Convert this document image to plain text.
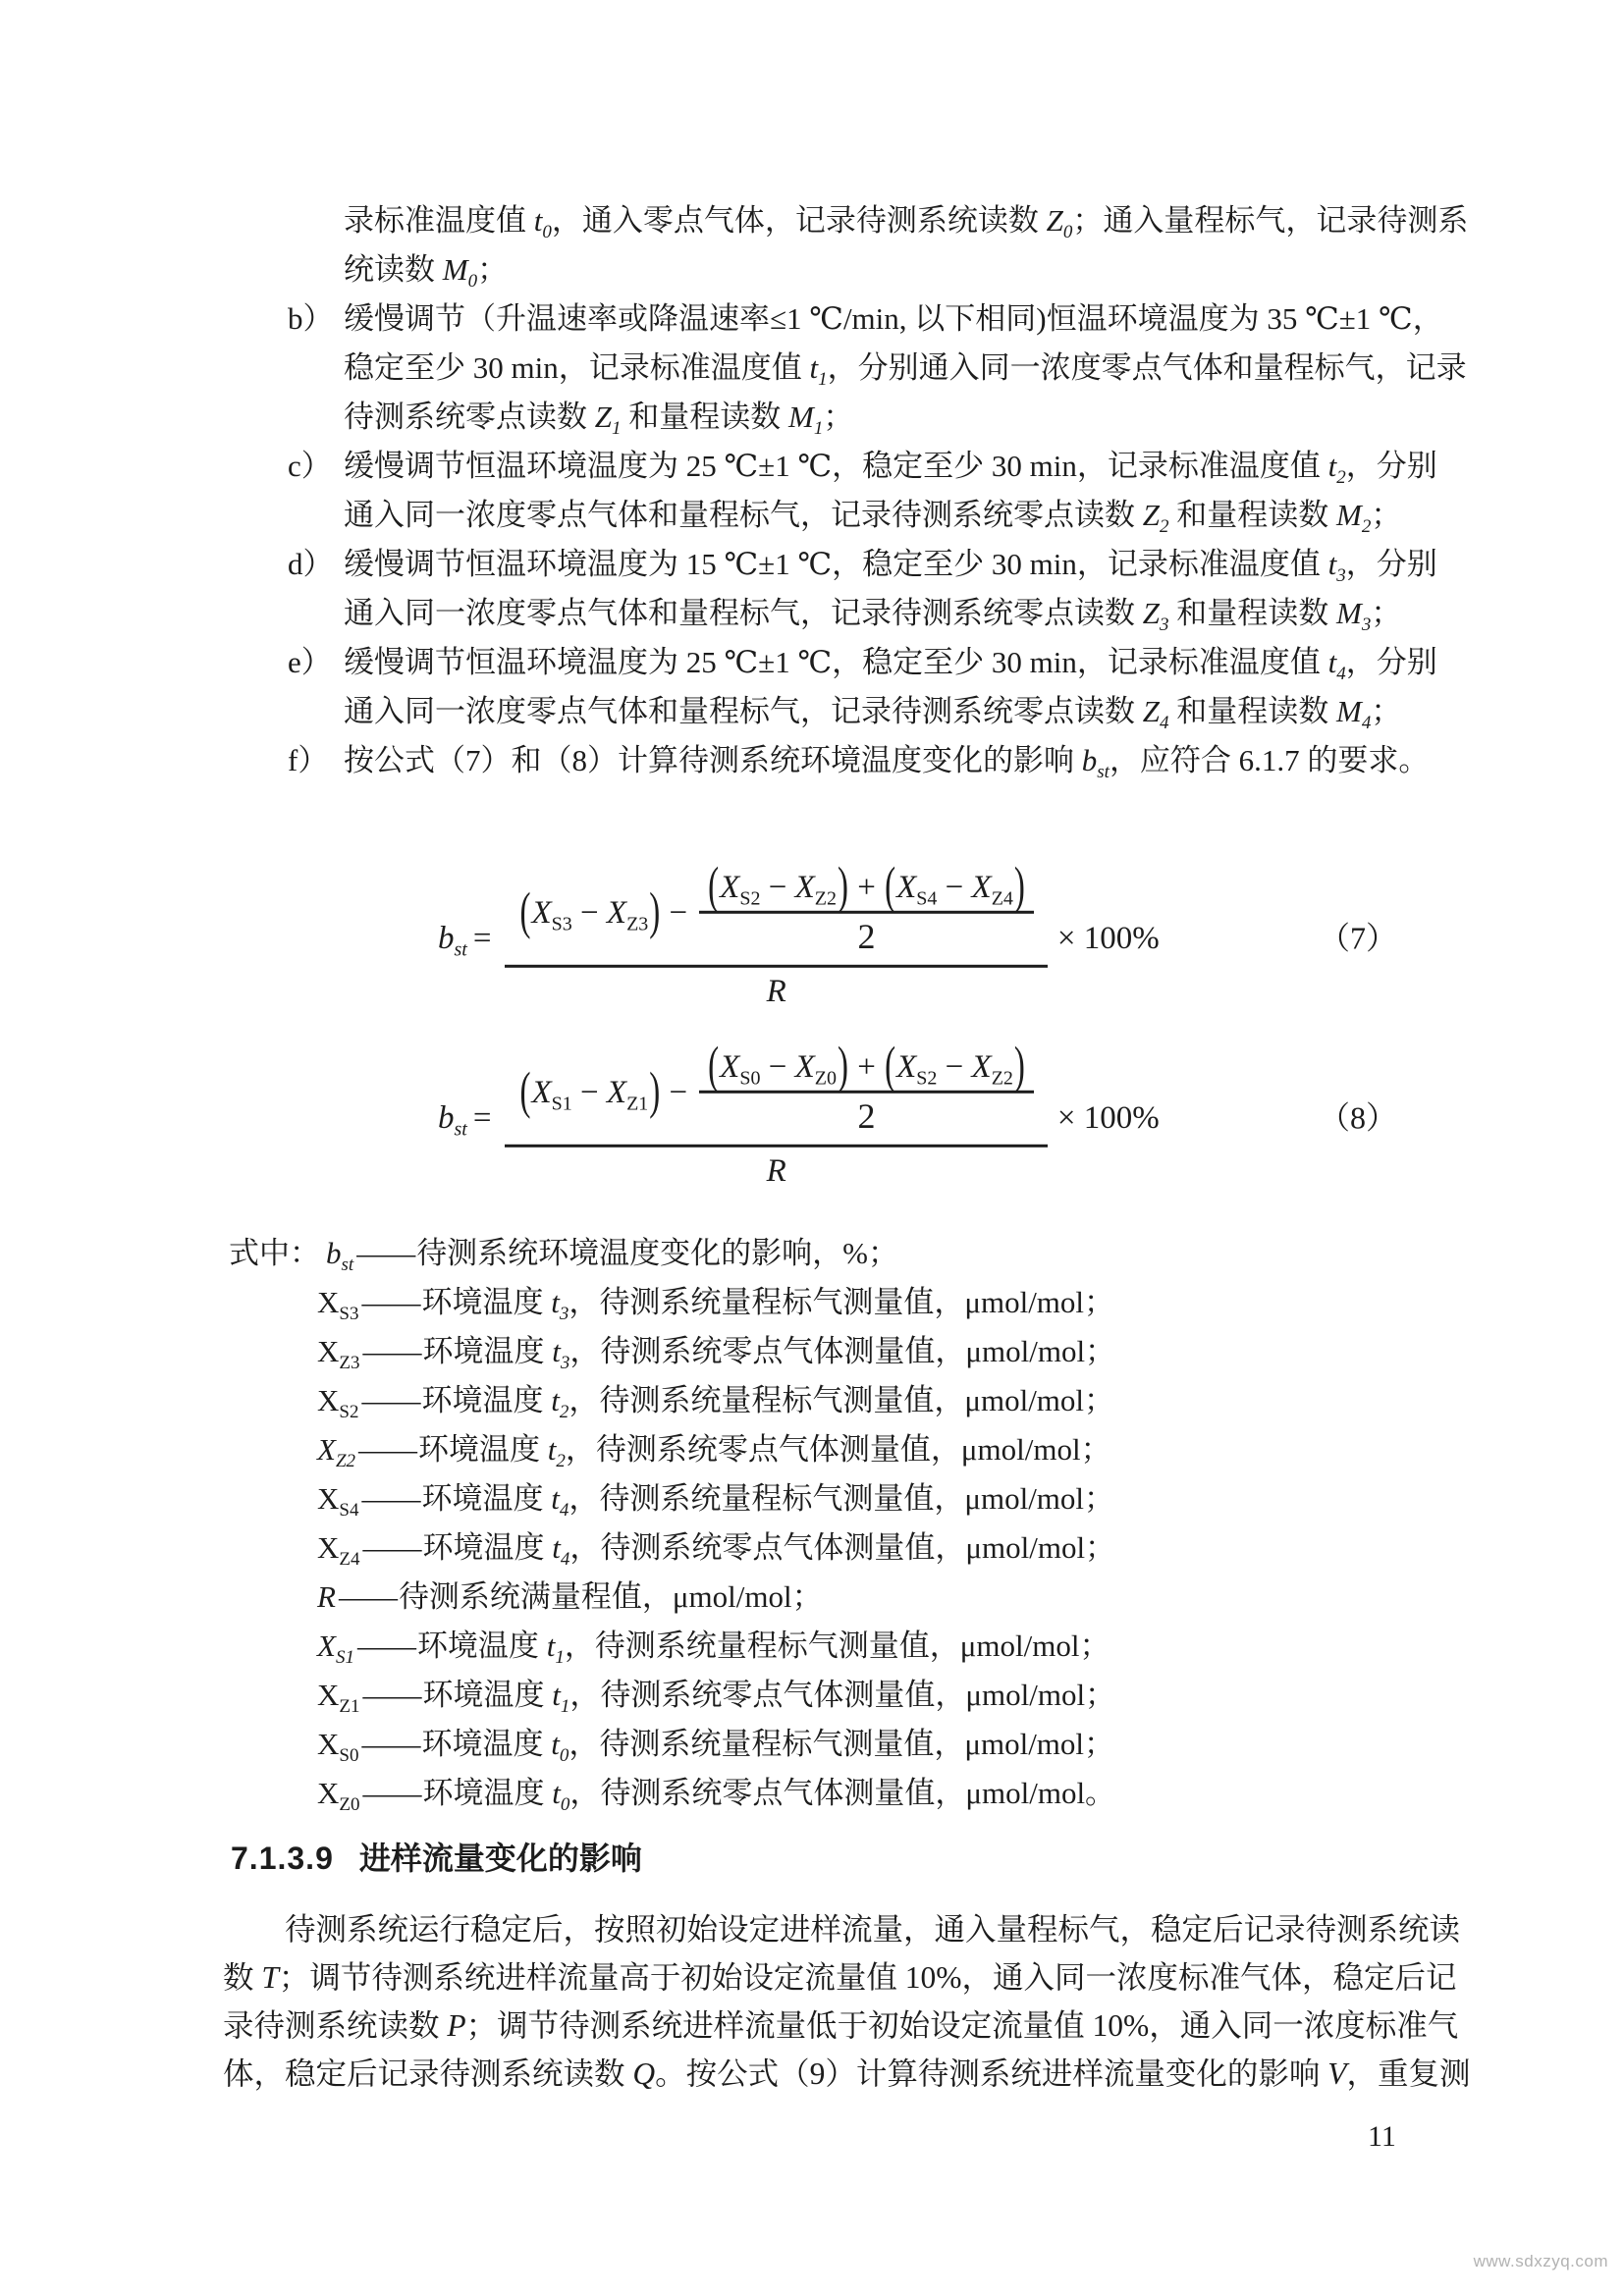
录标准温度值 $t_0$，通入零点气体，记录待测系统读数 $Z_0$；通入量程标气，记录待测系
统读数 $M_0$；
b） 缓慢调节（升温速率或降温速率≤1 ℃/min, 以下相同)恒温环境温度为 35 ℃±1 ℃，
稳定至少 30 min，记录标准温度值 $t_1$，分别通入同一浓度零点气体和量程标气，记录
待测系统零点读数 $Z_1$ 和量程读数 $M_1$；
c） 缓慢调节恒温环境温度为 25 ℃±1 ℃，稳定至少 30 min，记录标准温度值 $t_2$，分别
通入同一浓度零点气体和量程标气，记录待测系统零点读数 $Z_2$ 和量程读数 $M_2$；
d） 缓慢调节恒温环境温度为 15 ℃±1 ℃，稳定至少 30 min，记录标准温度值 $t_3$，分别
通入同一浓度零点气体和量程标气，记录待测系统零点读数 $Z_3$ 和量程读数 $M_3$；
e） 缓慢调节恒温环境温度为 25 ℃±1 ℃，稳定至少 30 min，记录标准温度值 $t_4$，分别
通入同一浓度零点气体和量程标气，记录待测系统零点读数 $Z_4$ 和量程读数 $M_4$；
f） 按公式（7）和（8）计算待测系统环境温度变化的影响 $b_{st}$，应符合 6.1.7 的要求。
$b_{st} = (X_{S3} - X_{Z3}) - \frac{(X_{S2} - X_{Z2}) + (X_{S4} - X_{Z4})}{2}$
R
× 100%	（7）
$b_{st} = (X_{S1} - X_{Z1}) - \frac{(X_{S0} - X_{Z0}) + (X_{S2} - X_{Z2})}{2}$
R
× 100%	（8）
式中： $b_{st}——$待测系统环境温度变化的影响，%；
$X_{S3}——$环境温度 $t_3$，待测系统量程标气测量值，μmol/mol；
$X_{Z3}——$环境温度 $t_3$，待测系统零点气体测量值，μmol/mol；
$X_{S2}——$环境温度 $t_2$，待测系统量程标气测量值，μmol/mol；
$X_{Z2}——$环境温度 $t_2$，待测系统零点气体测量值，μmol/mol；
$X_{S4}——$环境温度 $t_4$，待测系统量程标气测量值，μmol/mol；
$X_{Z4}——$环境温度 $t_4$，待测系统零点气体测量值，μmol/mol；
R——待测系统满量程值，μmol/mol；
$X_{S1}——$环境温度 $t_1$，待测系统量程标气测量值，μmol/mol；
$X_{Z1}——$环境温度 $t_1$，待测系统零点气体测量值，μmol/mol；
$X_{S0}——$环境温度 $t_0$，待测系统量程标气测量值，μmol/mol；
$X_{Z0}——$环境温度 $t_0$，待测系统零点气体测量值，μmol/mol。
7.1.3.9 进样流量变化的影响
待测系统运行稳定后，按照初始设定进样流量，通入量程标气，稳定后记录待测系统读
数 T；调节待测系统进样流量高于初始设定流量值 10%，通入同一浓度标准气体，稳定后记
录待测系统读数 P；调节待测系统进样流量低于初始设定流量值 10%，通入同一浓度标准气
体，稳定后记录待测系统读数 Q。按公式（9）计算待测系统进样流量变化的影响 V，重复测
11
www.sdxzyq.com
